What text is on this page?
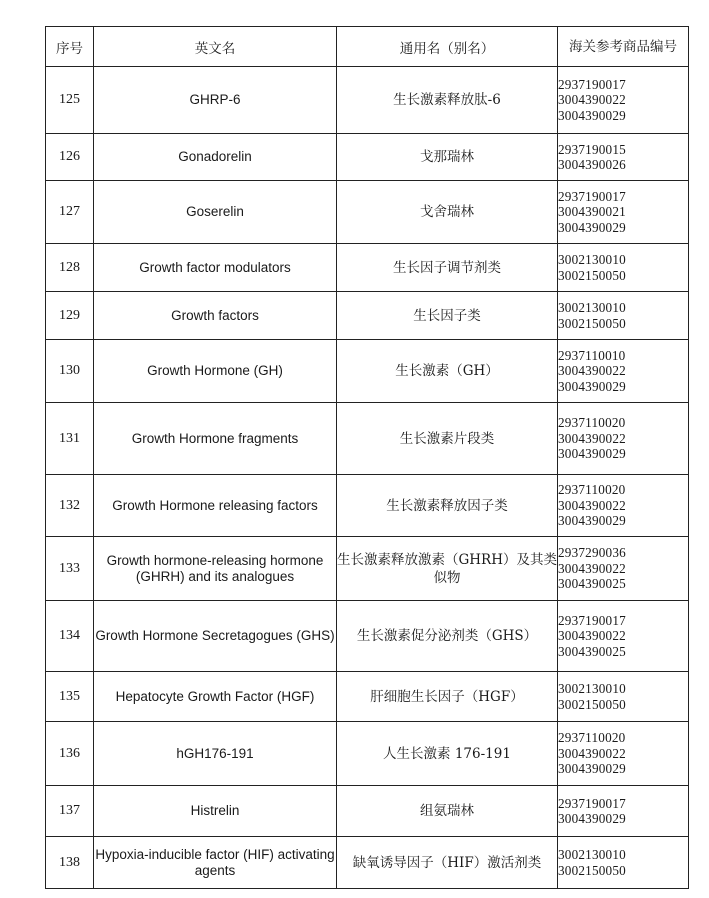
序号	英文名	通用名（别名）	海关参考商品编号
125	GHRP-6	生长激素释放肽-6	2937190017
3004390022
3004390029

126	Gonadorelin	戈那瑞林	2937190015
3004390026

127	Goserelin	戈舍瑞林	2937190017
3004390021
3004390029

128	Growth factor modulators	生长因子调节剂类	3002130010
3002150050

129	Growth factors	生长因子类	3002130010
3002150050

130	Growth Hormone (GH)	生长激素（GH）	2937110010
3004390022
3004390029

131	Growth Hormone fragments	生长激素片段类	2937110020
3004390022
3004390029

132	Growth Hormone releasing factors	生长激素释放因子类	2937110020
3004390022
3004390029

133	Growth hormone-releasing hormone (GHRH) and its analogues	生长激素释放激素（GHRH）及其类似物	2937290036
3004390022
3004390025

134	Growth Hormone Secretagogues (GHS)	生长激素促分泌剂类（GHS）	2937190017
3004390022
3004390025

135	Hepatocyte Growth Factor (HGF)	肝细胞生长因子（HGF）	3002130010
3002150050

136	hGH176-191	人生长激素 176-191	2937110020
3004390022
3004390029

137	Histrelin	组氨瑞林	2937190017
3004390029

138	Hypoxia-inducible factor (HIF) activating agents	缺氧诱导因子（HIF）激活剂类	3002130010
3002150050
